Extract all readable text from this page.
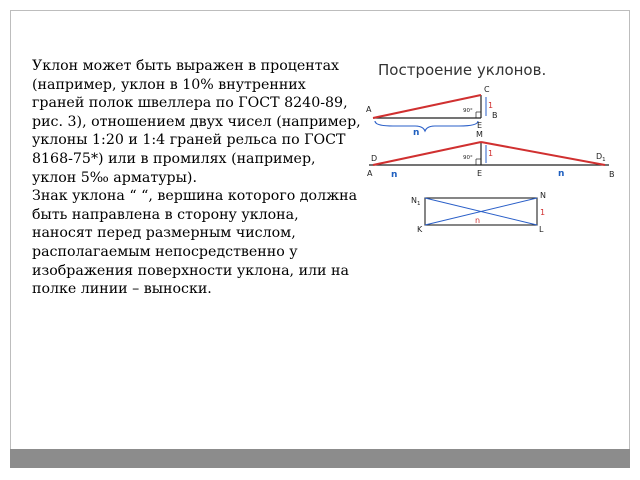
Уклон может быть выражен в процентах (например, уклон в 10% внутренних граней полок швеллера по ГОСТ 8240-89, рис. 3), отношением двух чисел (например, уклоны 1:20 и 1:4 граней рельса по ГОСТ 8168-75*) или в промилях (например, уклон 5‰ арматуры).

Знак уклона “ “, вершина которого должна быть направлена в сторону уклона, наносят перед размерным числом, располагаемым непосредственно у изображения поверхности уклона, или на полке линии – выноски.

Построение уклонов.
A
B
C
E
n
1
90°
D
A
M
E
$D_1$
B
n	n
1
90°
$N_1$
N
K	L
n
1
